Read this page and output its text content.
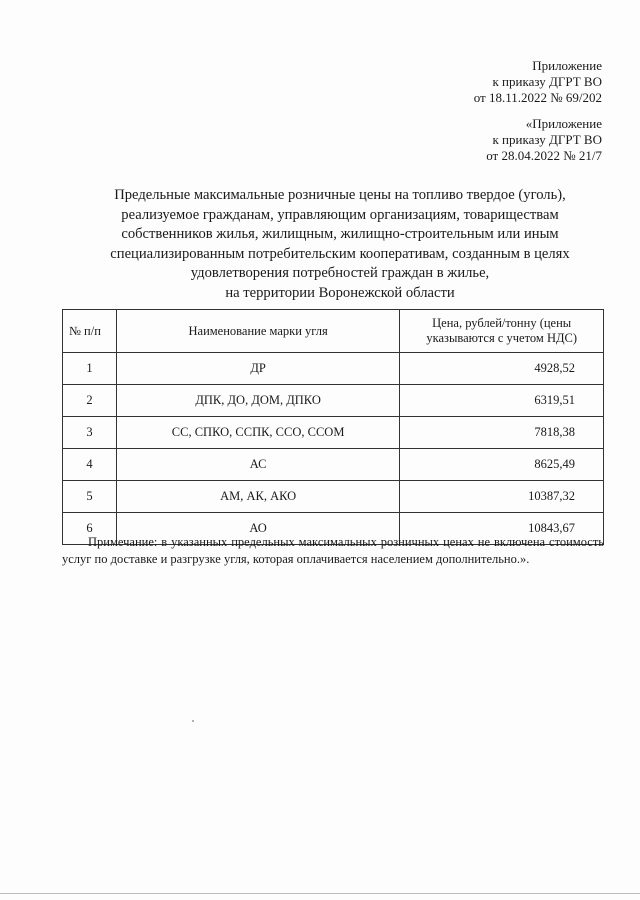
Приложение
к приказу ДГРТ ВО
от 18.11.2022 № 69/202
«Приложение
к приказу ДГРТ ВО
от 28.04.2022 № 21/7
Предельные максимальные розничные цены на топливо твердое (уголь),
реализуемое гражданам, управляющим организациям, товариществам
собственников жилья, жилищным, жилищно-строительным или иным
специализированным потребительским кооперативам, созданным в целях
удовлетворения потребностей граждан в жилье,
на территории Воронежской области
№ п/п	Наименование марки угля	Цена, рублей/тонну (цены
указываются с учетом НДС)

1	ДР	4928,52
2	ДПК, ДО, ДОМ, ДПКО	6319,51
3	СС, СПКО, ССПК, ССО, ССОМ	7818,38
4	АС	8625,49
5	АМ, АК, АКО	10387,32
6	АО	10843,67
Примечание: в указанных предельных максимальных розничных ценах не включена стоимость услуг по доставке и разгрузке угля, которая оплачивается населением дополнительно.».
